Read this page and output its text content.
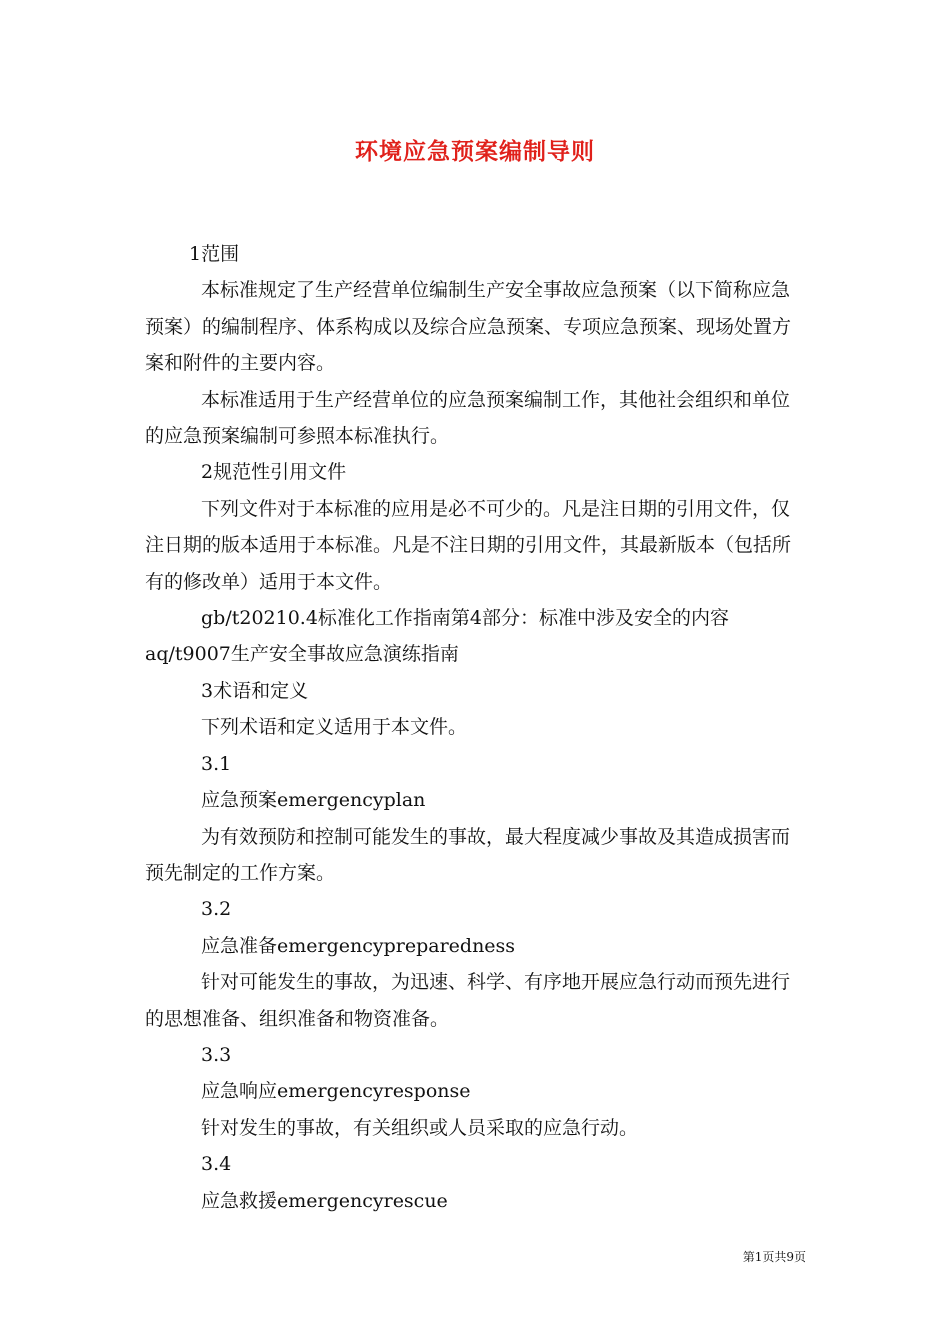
环境应急预案编制导则

1范围

本标准规定了生产经营单位编制生产安全事故应急预案（以下简称应急预案）的编制程序、体系构成以及综合应急预案、专项应急预案、现场处置方案和附件的主要内容。

本标准适用于生产经营单位的应急预案编制工作，其他社会组织和单位的应急预案编制可参照本标准执行。

2规范性引用文件

下列文件对于本标准的应用是必不可少的。凡是注日期的引用文件，仅注日期的版本适用于本标准。凡是不注日期的引用文件，其最新版本（包括所有的修改单）适用于本文件。

gb/t20210.4标准化工作指南第4部分：标准中涉及安全的内容aq/t9007生产安全事故应急演练指南

3术语和定义

下列术语和定义适用于本文件。

3.1

应急预案emergencyplan

为有效预防和控制可能发生的事故，最大程度减少事故及其造成损害而预先制定的工作方案。

3.2

应急准备emergencypreparedness

针对可能发生的事故，为迅速、科学、有序地开展应急行动而预先进行的思想准备、组织准备和物资准备。

3.3

应急响应emergencyresponse

针对发生的事故，有关组织或人员采取的应急行动。

3.4

应急救援emergencyrescue

第1页共9页
